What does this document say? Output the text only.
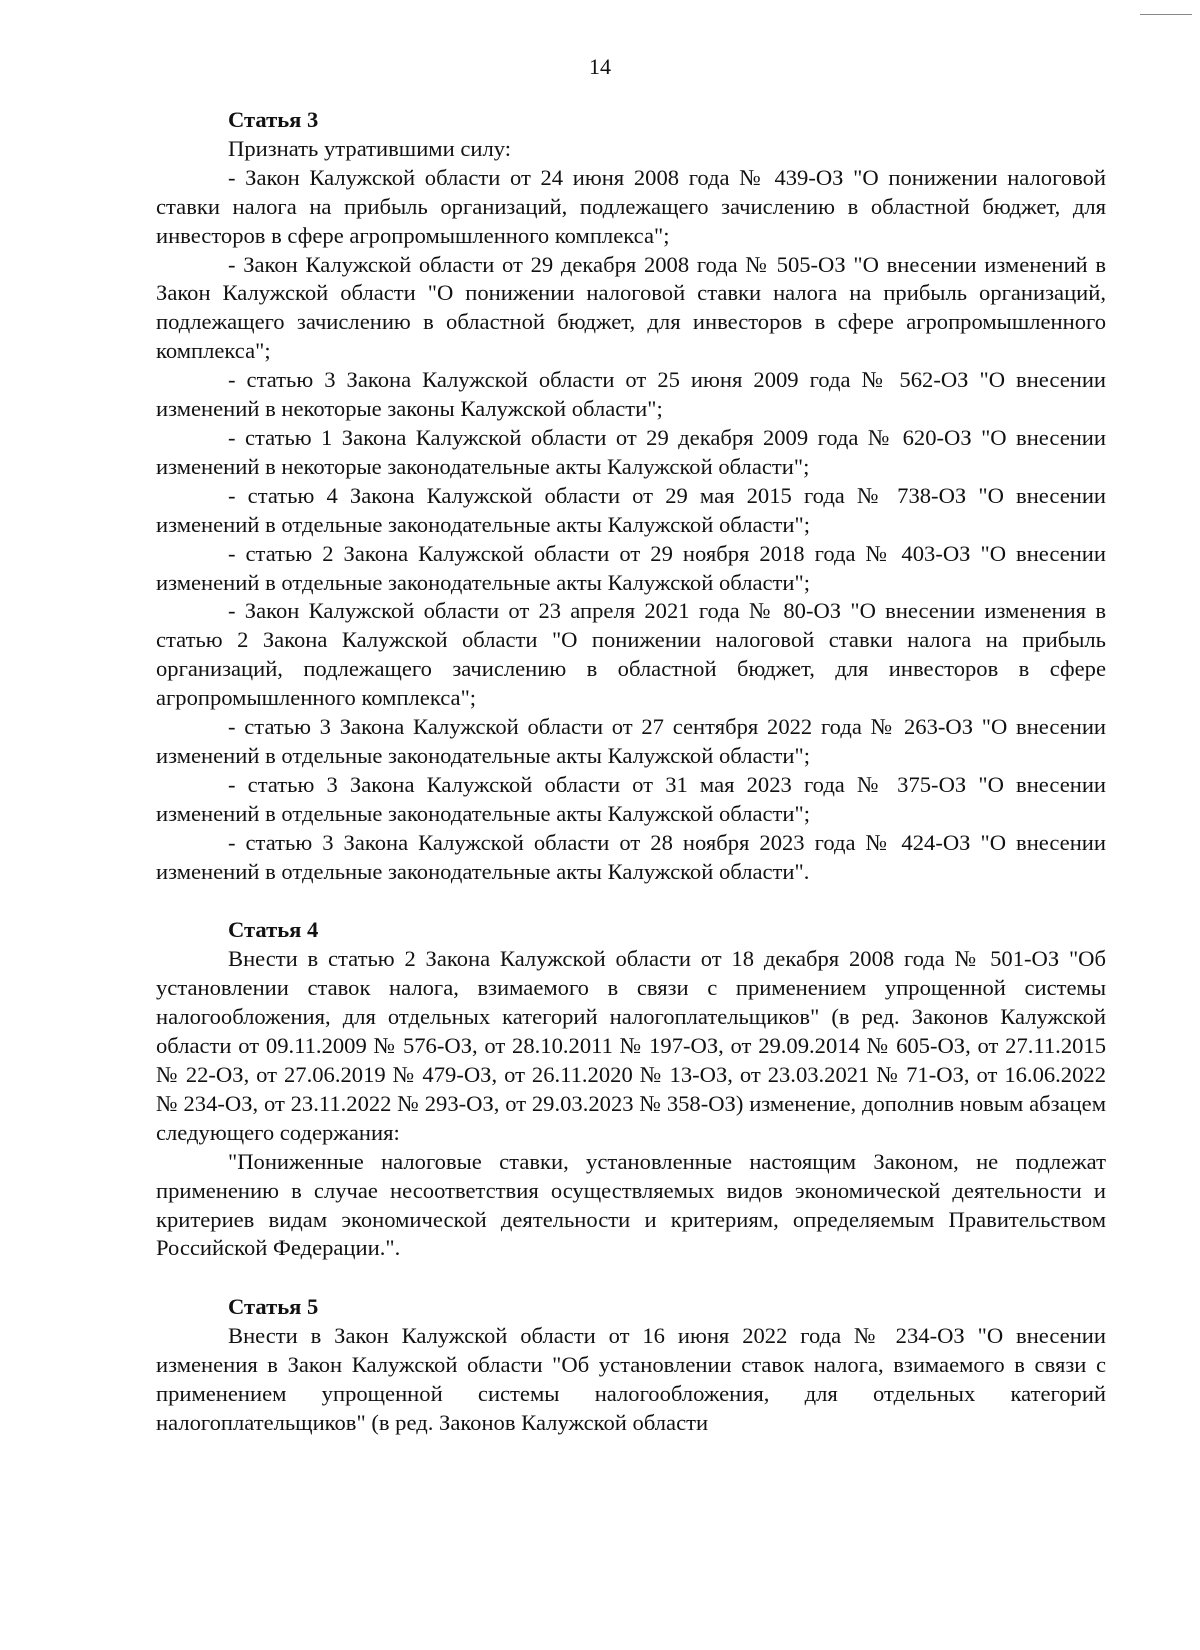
14

Статья 3

Признать утратившими силу:

- Закон Калужской области от 24 июня 2008 года № 439-ОЗ "О понижении налоговой ставки налога на прибыль организаций, подлежащего зачислению в областной бюджет, для инвесторов в сфере агропромышленного комплекса";

- Закон Калужской области от 29 декабря 2008 года № 505-ОЗ "О внесении изменений в Закон Калужской области "О понижении налоговой ставки налога на прибыль организаций, подлежащего зачислению в областной бюджет, для инвесторов в сфере агропромышленного комплекса";

- статью 3 Закона Калужской области от 25 июня 2009 года № 562-ОЗ "О внесении изменений в некоторые законы Калужской области";

- статью 1 Закона Калужской области от 29 декабря 2009 года № 620-ОЗ "О внесении изменений в некоторые законодательные акты Калужской области";

- статью 4 Закона Калужской области от 29 мая 2015 года № 738-ОЗ "О внесении изменений в отдельные законодательные акты Калужской области";

- статью 2 Закона Калужской области от 29 ноября 2018 года № 403-ОЗ "О внесении изменений в отдельные законодательные акты Калужской области";

- Закон Калужской области от 23 апреля 2021 года № 80-ОЗ "О внесении изменения в статью 2 Закона Калужской области "О понижении налоговой ставки налога на прибыль организаций, подлежащего зачислению в областной бюджет, для инвесторов в сфере агропромышленного комплекса";

- статью 3 Закона Калужской области от 27 сентября 2022 года № 263-ОЗ "О внесении изменений в отдельные законодательные акты Калужской области";

- статью 3 Закона Калужской области от 31 мая 2023 года № 375-ОЗ "О внесении изменений в отдельные законодательные акты Калужской области";

- статью 3 Закона Калужской области от 28 ноября 2023 года № 424-ОЗ "О внесении изменений в отдельные законодательные акты Калужской области".

Статья 4

Внести в статью 2 Закона Калужской области от 18 декабря 2008 года № 501-ОЗ "Об установлении ставок налога, взимаемого в связи с применением упрощенной системы налогообложения, для отдельных категорий налогоплательщиков" (в ред. Законов Калужской области от 09.11.2009 № 576-ОЗ, от 28.10.2011 № 197-ОЗ, от 29.09.2014 № 605-ОЗ, от 27.11.2015 № 22-ОЗ, от 27.06.2019 № 479-ОЗ, от 26.11.2020 № 13-ОЗ, от 23.03.2021 № 71-ОЗ, от 16.06.2022 № 234-ОЗ, от 23.11.2022 № 293-ОЗ, от 29.03.2023 № 358-ОЗ) изменение, дополнив новым абзацем следующего содержания:

"Пониженные налоговые ставки, установленные настоящим Законом, не подлежат применению в случае несоответствия осуществляемых видов экономической деятельности и критериев видам экономической деятельности и критериям, определяемым Правительством Российской Федерации.".

Статья 5

Внести в Закон Калужской области от 16 июня 2022 года № 234-ОЗ "О внесении изменения в Закон Калужской области "Об установлении ставок налога, взимаемого в связи с применением упрощенной системы налогообложения, для отдельных категорий налогоплательщиков" (в ред. Законов Калужской области
